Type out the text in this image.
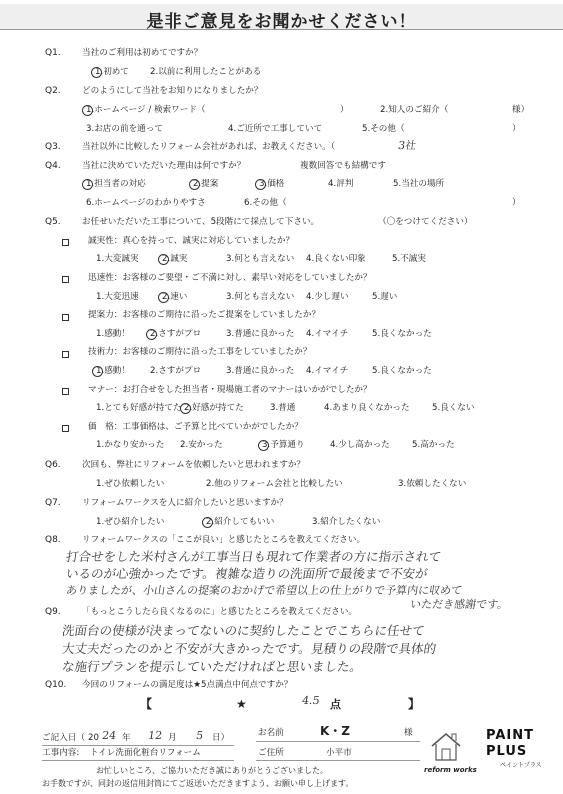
是非ご意見をお聞かせください！
Q1. 当社のご利用は初めてですか？
1.初めて 2.以前に利用したことがある
Q2. どのようにして当社をお知りになりましたか？
1.ホームページ / 検索ワード（	）	2.知人のご紹介（	様）
3.お店の前を通って	4.ご近所で工事していて	5.その他（	）
Q3. 当社以外に比較したリフォーム会社があれば、お教えください。（	3社
Q4. 当社に決めていただいた理由は何ですか？	複数回答でも結構です
1.担当者の対応	2.提案	3.価格	4.評判	5.当社の場所
6.ホームページのわかりやすさ	6.その他（	）
Q5. お任せいただいた工事について、5段階にて採点して下さい。	（〇をつけてください）
誠実性：真心を持って、誠実に対応していましたか？
1.大変誠実	2.誠実	3.何とも言えない 4.良くない印象	5.不誠実
迅速性：お客様のご要望・ご不満に対し、素早い対応をしていましたか？
1.大変迅速	2.速い	3.何とも言えない 4.少し遅い	5.遅い
提案力：お客様のご期待に沿ったご提案をしていましたか？
1.感動！ 2.さすがプロ	3.普通に良かった 4.イマイチ	5.良くなかった
技術力：お客様のご期待に沿った工事をしていましたか？
1.感動！ 2.さすがプロ	3.普通に良かった 4.イマイチ	5.良くなかった
マナー：お打合せをした担当者・現場施工者のマナーはいかがでしたか？
1.とても好感が持てた 2.好感が持てた	3.普通	4.あまり良くなかった	5.良くない
価　格：工事価格は、ご予算と比べていかがでしたか？
1.かなり安かった 2.安かった	3.予算通り	4.少し高かった	5.高かった
Q6. 次回も、弊社にリフォームを依頼したいと思われますか？
1.ぜひ依頼したい	2.他のリフォーム会社と比較したい	3.依頼したくない
Q7. リフォームワークスを人に紹介したいと思いますか？
1.ぜひ紹介したい	2.紹介してもいい	3.紹介したくない
Q8. リフォームワークスの「ここが良い」と感じたところを教えてください。
打合せをした米村さんが工事当日も現れて作業者の方に指示されて
いるのが心強かったです。複雑な造りの洗面所で最後まで不安が
ありましたが、小山さんの提案のおかげで希望以上の仕上がりで予算内に収めて
いただき感謝です。
Q9. 「もっとこうしたら良くなるのに」と感じたところを教えてください。
洗面台の使様が決まってないのに契約したことでこちらに任せて
大丈夫だったのかと不安が大きかったです。見積りの段階で具体的
な施行プランを提示していただければと思いました。
Q10. 今回のリフォームの満足度は★5点満点中何点ですか？
【	★	4.5 点	】
ご記入日（ 20 24 年 12 月 5 日）	お名前	K・Z	様
工事内容: トイレ洗面化粧台リフォーム	ご住所	小平市
お忙しいところ、ご協力いただき誠にありがとうございました。
お手数ですが、同封の返信用封筒にてご返送いただきますよう、お願い申し上げます。
reform works
PAINT
PLUS
ペイントプラス
